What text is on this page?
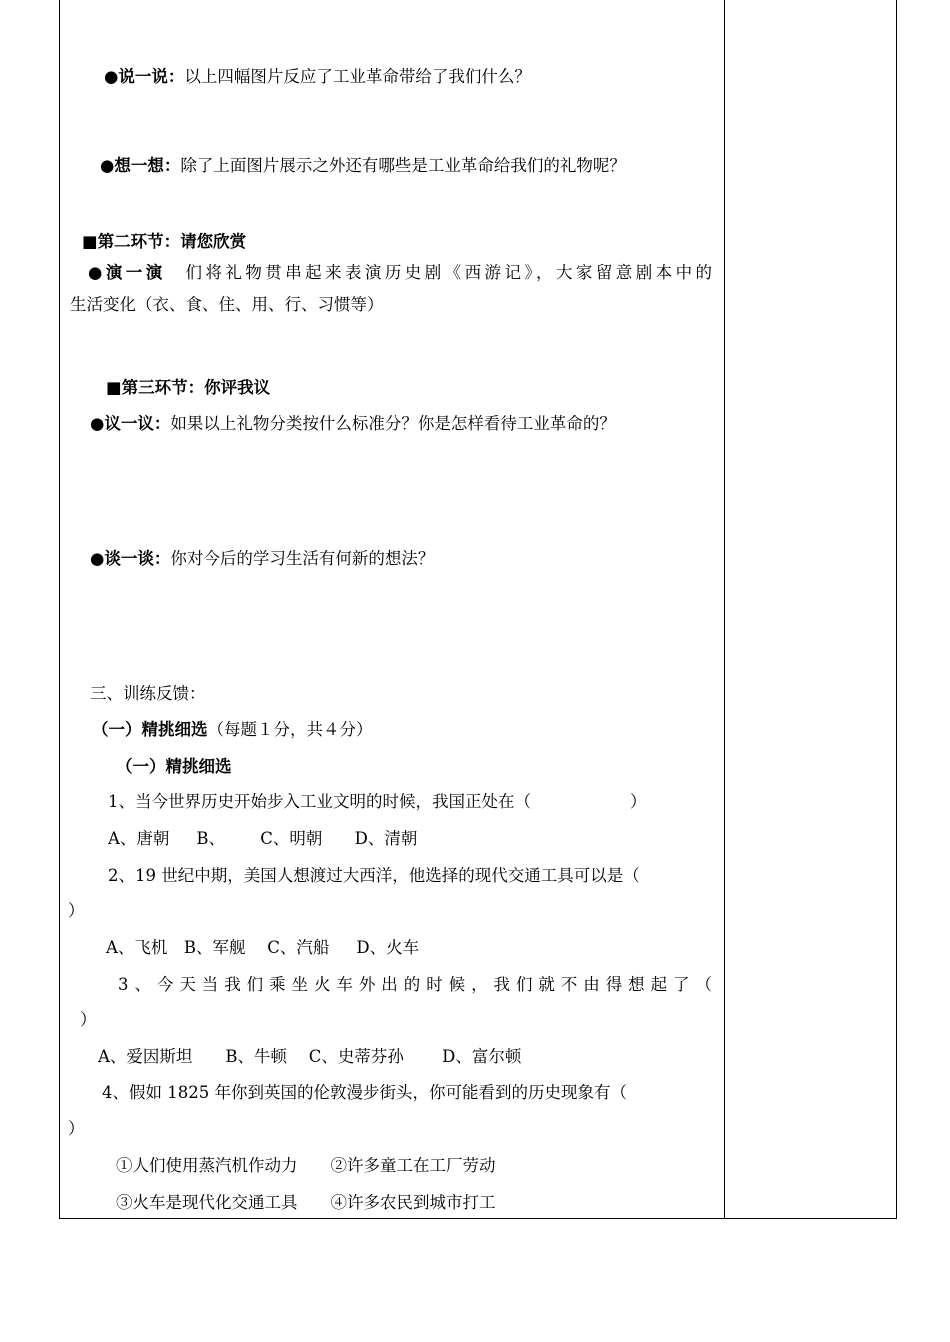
●说一说：以上四幅图片反应了工业革命带给了我们什么？
●想一想：除了上面图片展示之外还有哪些是工业革命给我们的礼物呢？
■第二环节：请您欣赏
●演一演　们将礼物贯串起来表演历史剧《西游记》，大家留意剧本中的
生活变化（衣、食、住、用、行、习惯等）
■第三环节：你评我议
●议一议：如果以上礼物分类按什么标准分？你是怎样看待工业革命的？
●谈一谈：你对今后的学习生活有何新的想法？
三、训练反馈：
（一）精挑细选（每题１分，共４分）
（一）精挑细选
1、当今世界历史开始步入工业文明的时候，我国正处在（　　　　　　）
A、唐朝　  B、　　  C、明朝　   D、清朝
2、19 世纪中期，美国人想渡过大西洋，他选择的现代交通工具可以是（
）
A、飞机　B、军舰　 C、汽船　  D、火车
3、今天当我们乘坐火车外出的时候，我们就不由得想起了（
）
A、爱因斯坦　　B、牛顿　 C、史蒂芬孙　　 D、富尔顿
4、假如 1825 年你到英国的伦敦漫步街头，你可能看到的历史现象有（
）
①人们使用蒸汽机作动力　　②许多童工在工厂劳动
③火车是现代化交通工具　　④许多农民到城市打工
